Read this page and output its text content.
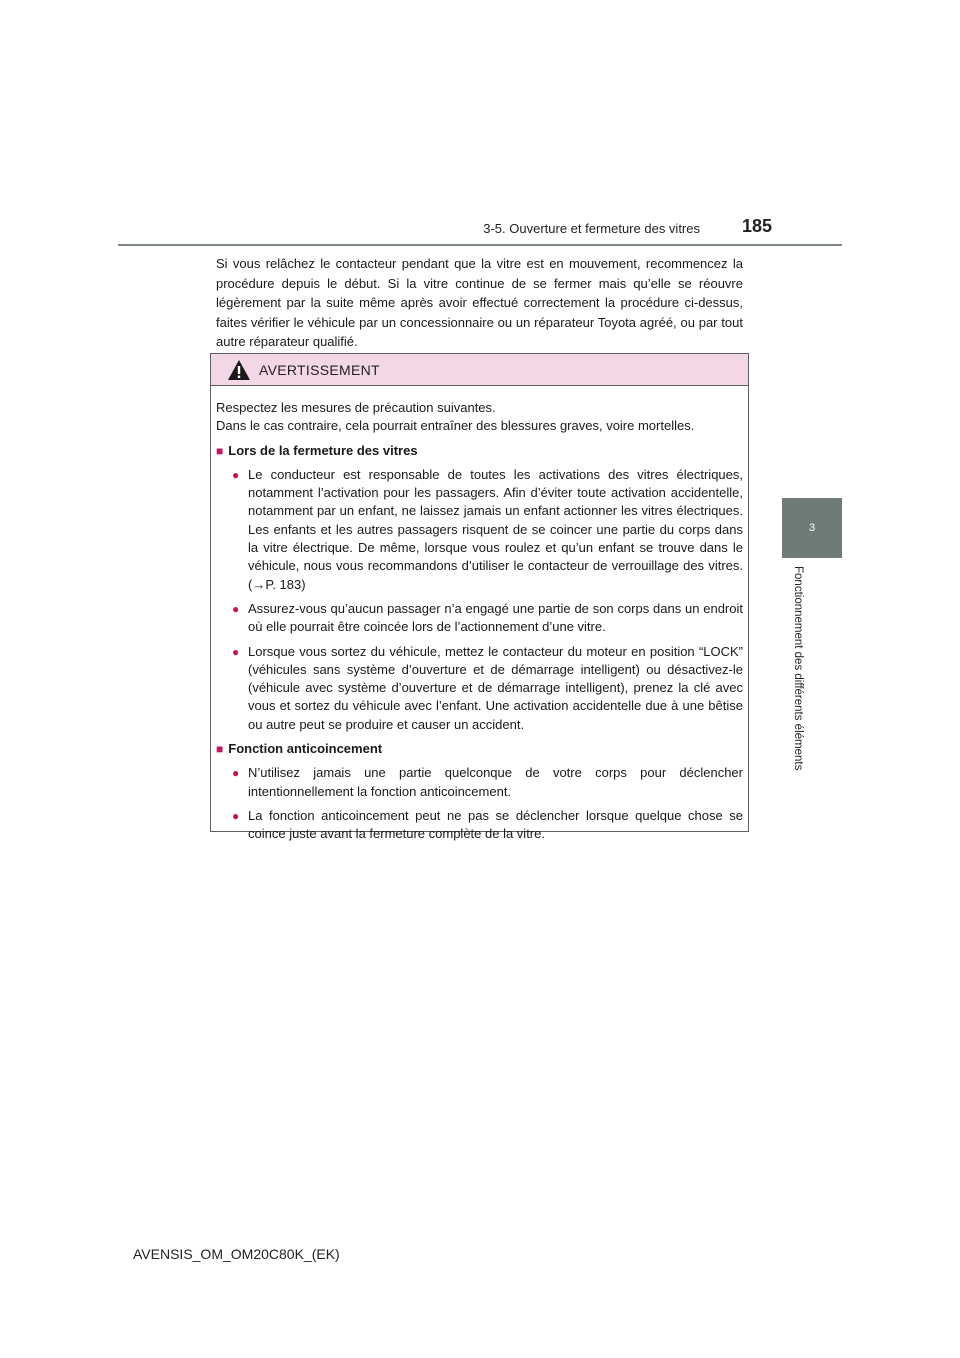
3-5. Ouverture et fermeture des vitres	185
3
Fonctionnement des différents éléments

Si vous relâchez le contacteur pendant que la vitre est en mouvement, recommencez la procédure depuis le début. Si la vitre continue de se fermer mais qu’elle se réouvre légèrement par la suite même après avoir effectué correctement la procédure ci-dessus, faites vérifier le véhicule par un concessionnaire ou un réparateur Toyota agréé, ou par tout autre réparateur qualifié.

AVERTISSEMENT

Respectez les mesures de précaution suivantes.

Dans le cas contraire, cela pourrait entraîner des blessures graves, voire mortelles.

■ Lors de la fermeture des vitres

● Le conducteur est responsable de toutes les activations des vitres électriques, notamment l’activation pour les passagers. Afin d’éviter toute activation accidentelle, notamment par un enfant, ne laissez jamais un enfant actionner les vitres électriques. Les enfants et les autres passagers risquent de se coincer une partie du corps dans la vitre électrique. De même, lorsque vous roulez et qu’un enfant se trouve dans le véhicule, nous vous recommandons d’utiliser le contacteur de verrouillage des vitres. (→P. 183)
● Assurez-vous qu’aucun passager n’a engagé une partie de son corps dans un endroit où elle pourrait être coincée lors de l’actionnement d’une vitre.
● Lorsque vous sortez du véhicule, mettez le contacteur du moteur en position “LOCK” (véhicules sans système d’ouverture et de démarrage intelligent) ou désactivez-le (véhicule avec système d’ouverture et de démarrage intelligent), prenez la clé avec vous et sortez du véhicule avec l’enfant. Une activation accidentelle due à une bêtise ou autre peut se produire et causer un accident.

■ Fonction anticoincement

● N’utilisez jamais une partie quelconque de votre corps pour déclencher intentionnellement la fonction anticoincement.
● La fonction anticoincement peut ne pas se déclencher lorsque quelque chose se coince juste avant la fermeture complète de la vitre.
AVENSIS_OM_OM20C80K_(EK)
